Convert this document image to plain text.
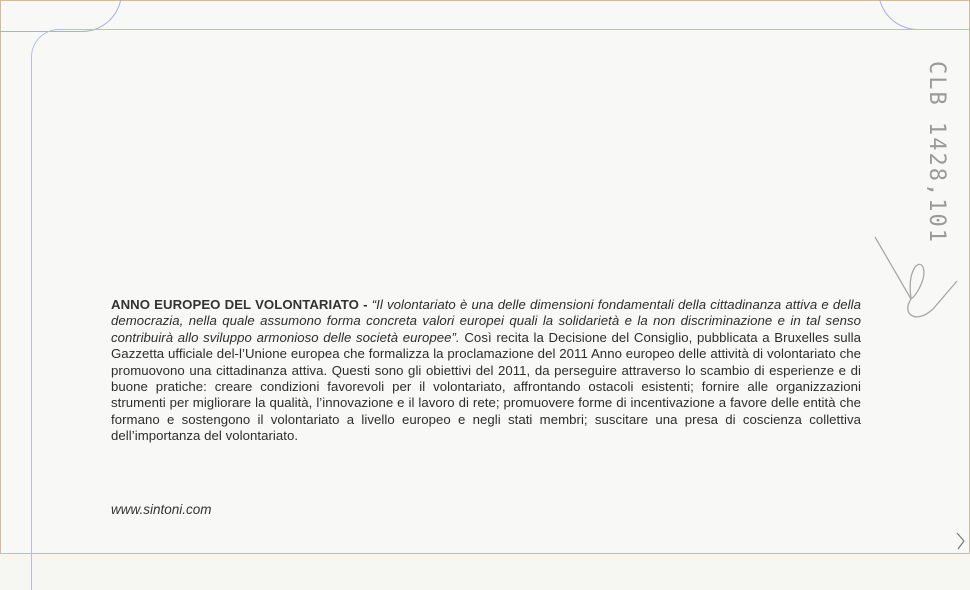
ANNO EUROPEO DEL VOLONTARIATO - “Il volontariato è una delle dimensioni fondamentali della cittadinanza attiva e della democrazia, nella quale assumono forma concreta valori europei quali la solidarietà e la non discriminazione e in tal senso contribuirà allo sviluppo armonioso delle società europee”. Così recita la Decisione del Consiglio, pubblicata a Bruxelles sulla Gazzetta ufficiale del-l’Unione europea che formalizza la proclamazione del 2011 Anno europeo delle attività di volontariato che promuovono una cittadinanza attiva. Questi sono gli obiettivi del 2011, da perseguire attraverso lo scambio di esperienze e di buone pratiche: creare condizioni favorevoli per il volontariato, affrontando ostacoli esistenti; fornire alle organizzazioni strumenti per migliorare la qualità, l’innovazione e il lavoro di rete; promuovere forme di incentivazione a favore delle entità che formano e sostengono il volontariato a livello europeo e negli stati membri; suscitare una presa di coscienza collettiva dell’importanza del volontariato.
www.sintoni.com
CLB 1428,101
